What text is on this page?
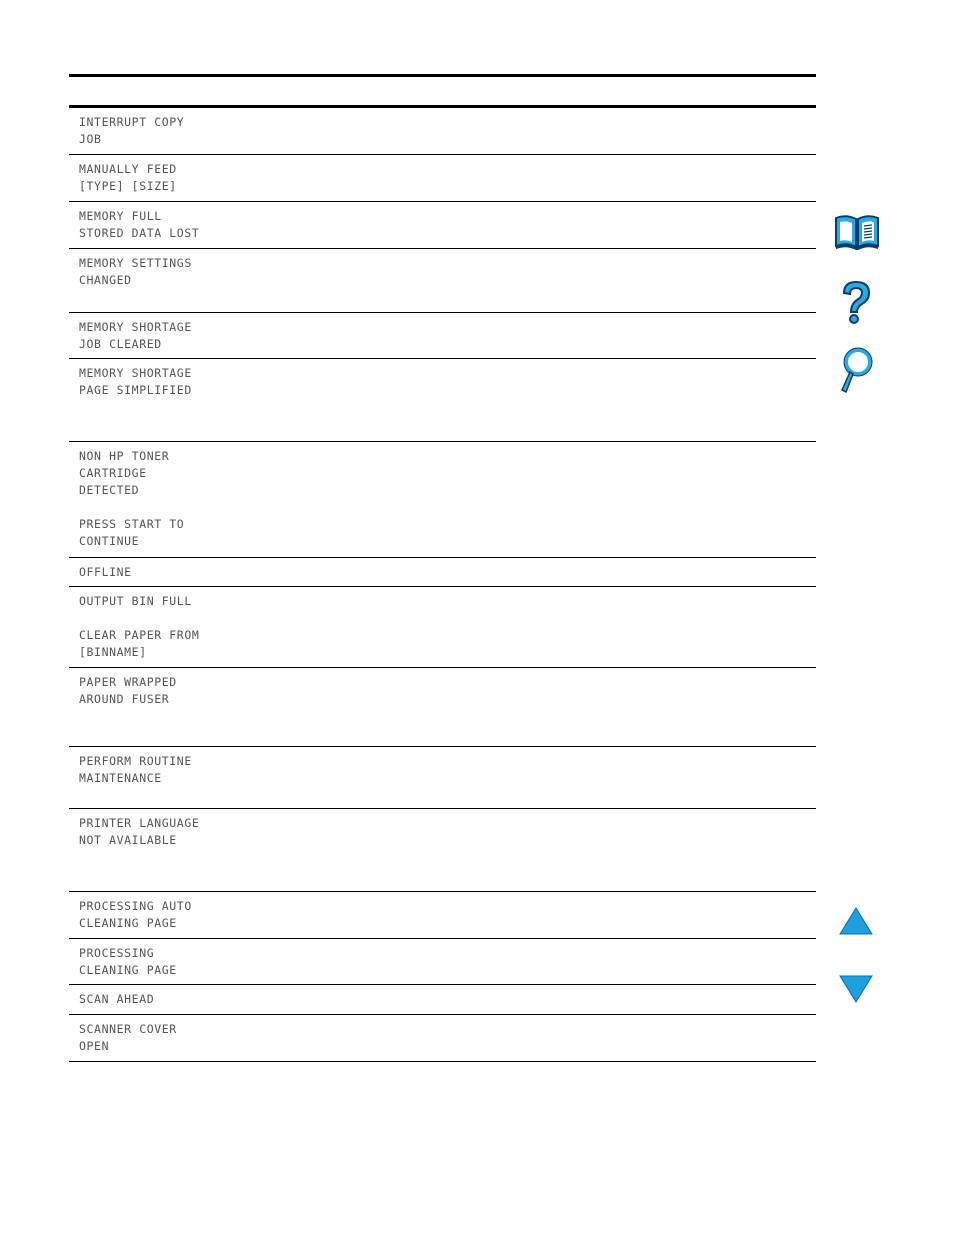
INTERRUPT COPY
JOB
MANUALLY FEED
[TYPE] [SIZE]
MEMORY FULL
STORED DATA LOST
MEMORY SETTINGS
CHANGED
MEMORY SHORTAGE
JOB CLEARED
MEMORY SHORTAGE
PAGE SIMPLIFIED
NON HP TONER
CARTRIDGE
DETECTED
PRESS START TO
CONTINUE
OFFLINE
OUTPUT BIN FULL
CLEAR PAPER FROM
[BINNAME]
PAPER WRAPPED
AROUND FUSER
PERFORM ROUTINE
MAINTENANCE
PRINTER LANGUAGE
NOT AVAILABLE
PROCESSING AUTO
CLEANING PAGE
PROCESSING
CLEANING PAGE
SCAN AHEAD
SCANNER COVER
OPEN
